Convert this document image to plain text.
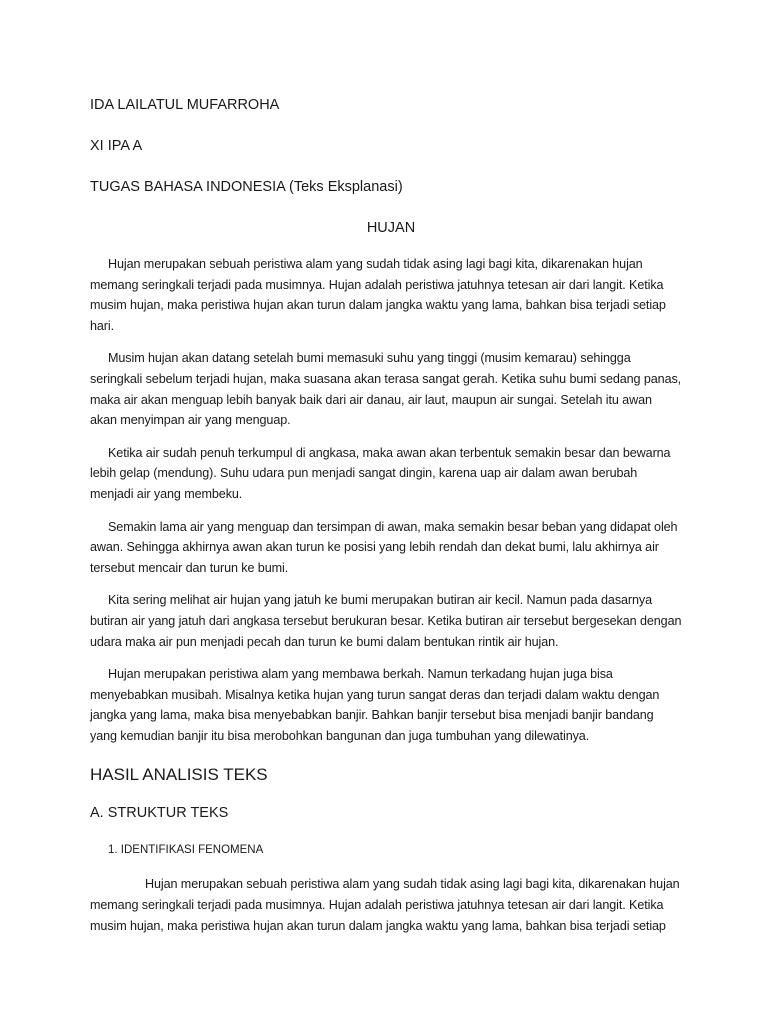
IDA LAILATUL MUFARROHA

XI IPA A

TUGAS BAHASA INDONESIA (Teks Eksplanasi)

HUJAN

Hujan merupakan sebuah peristiwa alam yang sudah tidak asing lagi bagi kita, dikarenakan hujan memang seringkali terjadi pada musimnya. Hujan adalah peristiwa jatuhnya tetesan air dari langit. Ketika musim hujan, maka peristiwa hujan akan turun dalam jangka waktu yang lama, bahkan bisa terjadi setiap hari.

Musim hujan akan datang setelah bumi memasuki suhu yang tinggi (musim kemarau) sehingga seringkali sebelum terjadi hujan, maka suasana akan terasa sangat gerah. Ketika suhu bumi sedang panas, maka air akan menguap lebih banyak baik dari air danau, air laut, maupun air sungai. Setelah itu awan akan menyimpan air yang menguap.

Ketika air sudah penuh terkumpul di angkasa, maka awan akan terbentuk semakin besar dan bewarna lebih gelap (mendung). Suhu udara pun menjadi sangat dingin, karena uap air dalam awan berubah menjadi air yang membeku.

Semakin lama air yang menguap dan tersimpan di awan, maka semakin besar beban yang didapat oleh awan. Sehingga akhirnya awan akan turun ke posisi yang lebih rendah dan dekat bumi, lalu akhirnya air tersebut mencair dan turun ke bumi.

Kita sering melihat air hujan yang jatuh ke bumi merupakan butiran air kecil. Namun pada dasarnya butiran air yang jatuh dari angkasa tersebut berukuran besar. Ketika butiran air tersebut bergesekan dengan udara maka air pun menjadi pecah dan turun ke bumi dalam bentukan rintik air hujan.

Hujan merupakan peristiwa alam yang membawa berkah. Namun terkadang hujan juga bisa menyebabkan musibah. Misalnya ketika hujan yang turun sangat deras dan terjadi dalam waktu dengan jangka yang lama, maka bisa menyebabkan banjir. Bahkan banjir tersebut bisa menjadi banjir bandang yang kemudian banjir itu bisa merobohkan bangunan dan juga tumbuhan yang dilewatinya.

HASIL ANALISIS TEKS

A. STRUKTUR TEKS

1. IDENTIFIKASI FENOMENA

Hujan merupakan sebuah peristiwa alam yang sudah tidak asing lagi bagi kita, dikarenakan hujan memang seringkali terjadi pada musimnya. Hujan adalah peristiwa jatuhnya tetesan air dari langit. Ketika musim hujan, maka peristiwa hujan akan turun dalam jangka waktu yang lama, bahkan bisa terjadi setiap
